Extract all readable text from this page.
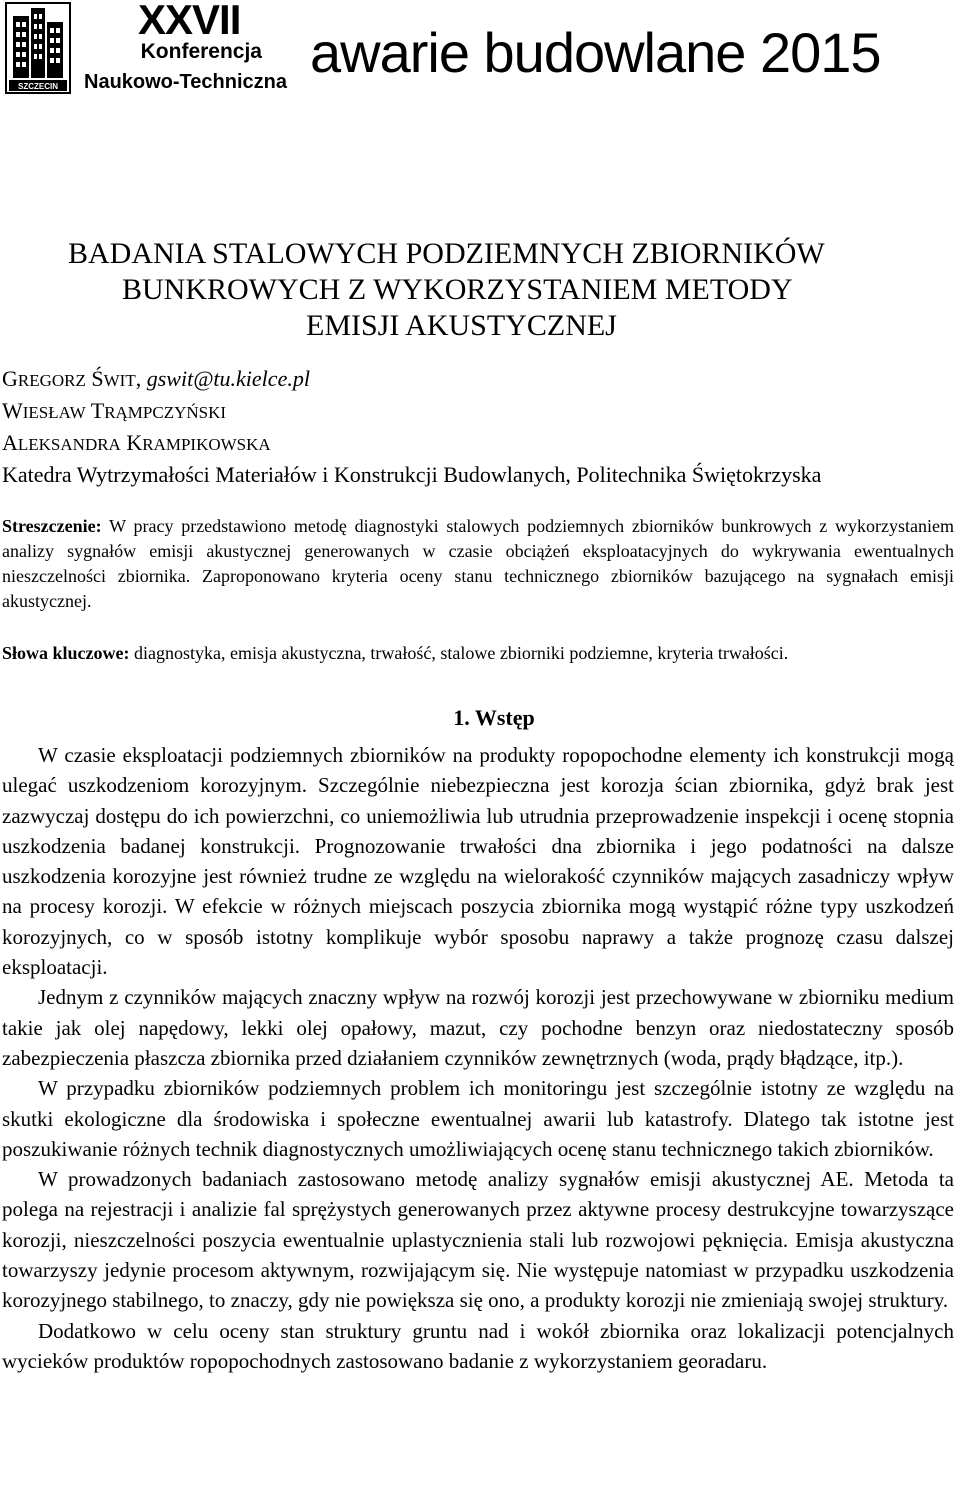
SZCZECIN
XXVII
Konferencja
Naukowo-Techniczna awarie budowlane 2015
BADANIA STALOWYCH PODZIEMNYCH ZBIORNIKÓW
BUNKROWYCH Z WYKORZYSTANIEM METODY
EMISJI AKUSTYCZNEJ
GREGORZ ŚWIT, gswit@tu.kielce.pl
WIESŁAW TRĄMPCZYŃSKI
ALEKSANDRA KRAMPIKOWSKA
Katedra Wytrzymałości Materiałów i Konstrukcji Budowlanych, Politechnika Świętokrzyska
Streszczenie: W pracy przedstawiono metodę diagnostyki stalowych podziemnych zbiorników bunkrowych z wykorzystaniem analizy sygnałów emisji akustycznej generowanych w czasie obciążeń eksploatacyjnych do wykrywania ewentualnych nieszczelności zbiornika. Zaproponowano kryteria oceny stanu technicznego zbiorników bazującego na sygnałach emisji akustycznej.
Słowa kluczowe: diagnostyka, emisja akustyczna, trwałość, stalowe zbiorniki podziemne, kryteria trwałości.
1. Wstęp

W czasie eksploatacji podziemnych zbiorników na produkty ropopochodne elementy ich konstrukcji mogą ulegać uszkodzeniom korozyjnym. Szczególnie niebezpieczna jest korozja ścian zbiornika, gdyż brak jest zazwyczaj dostępu do ich powierzchni, co uniemożliwia lub utrudnia przeprowadzenie inspekcji i ocenę stopnia uszkodzenia badanej konstrukcji. Prognozowanie trwałości dna zbiornika i jego podatności na dalsze uszkodzenia korozyjne jest również trudne ze względu na wielorakość czynników mających zasadniczy wpływ na procesy korozji. W efekcie w różnych miejscach poszycia zbiornika mogą wystąpić różne typy uszkodzeń korozyjnych, co w sposób istotny komplikuje wybór sposobu naprawy a także prognozę czasu dalszej eksploatacji.

Jednym z czynników mających znaczny wpływ na rozwój korozji jest przechowywane w zbiorniku medium takie jak olej napędowy, lekki olej opałowy, mazut, czy pochodne benzyn oraz niedostateczny sposób zabezpieczenia płaszcza zbiornika przed działaniem czynników zewnętrznych (woda, prądy błądzące, itp.).

W przypadku zbiorników podziemnych problem ich monitoringu jest szczególnie istotny ze względu na skutki ekologiczne dla środowiska i społeczne ewentualnej awarii lub katastrofy. Dlatego tak istotne jest poszukiwanie różnych technik diagnostycznych umożliwiających ocenę stanu technicznego takich zbiorników.

W prowadzonych badaniach zastosowano metodę analizy sygnałów emisji akustycznej AE. Metoda ta polega na rejestracji i analizie fal sprężystych generowanych przez aktywne procesy destrukcyjne towarzyszące korozji, nieszczelności poszycia ewentualnie uplastycznienia stali lub rozwojowi pęknięcia. Emisja akustyczna towarzyszy jedynie procesom aktywnym, rozwijającym się. Nie występuje natomiast w przypadku uszkodzenia korozyjnego stabilnego, to znaczy, gdy nie powiększa się ono, a produkty korozji nie zmieniają swojej struktury.

Dodatkowo w celu oceny stan struktury gruntu nad i wokół zbiornika oraz lokalizacji potencjalnych wycieków produktów ropopochodnych zastosowano badanie z wykorzystaniem georadaru.
